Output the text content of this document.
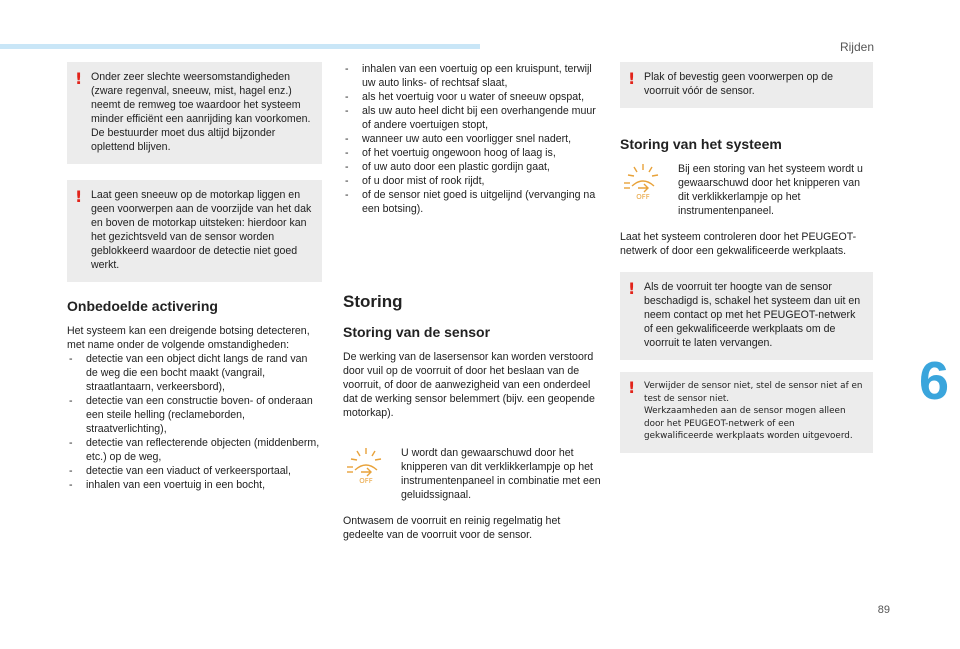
Rijden
6
89
! Onder zeer slechte weersomstandigheden (zware regenval, sneeuw, mist, hagel enz.) neemt de remweg toe waardoor het systeem minder efficiënt een aanrijding kan voorkomen.

De bestuurder moet dus altijd bijzonder oplettend blijven.

! Laat geen sneeuw op de motorkap liggen en geen voorwerpen aan de voorzijde van het dak en boven de motorkap uitsteken: hierdoor kan het gezichtsveld van de sensor worden geblokkeerd waardoor de detectie niet goed werkt.

Onbedoelde activering

Het systeem kan een dreigende botsing detecteren, met name onder de volgende omstandigheden:

- detectie van een object dicht langs de rand van de weg die een bocht maakt (vangrail, straatlantaarn, verkeersbord),
- detectie van een constructie boven- of onderaan een steile helling (reclameborden, straatverlichting),
- detectie van reflecterende objecten (middenberm, etc.) op de weg,
- detectie van een viaduct of verkeersportaal,
- inhalen van een voertuig in een bocht,
- inhalen van een voertuig op een kruispunt, terwijl uw auto links- of rechtsaf slaat,
- als het voertuig voor u water of sneeuw opspat,
- als uw auto heel dicht bij een overhangende muur of andere voertuigen stopt,
- wanneer uw auto een voorligger snel nadert,
- of het voertuig ongewoon hoog of laag is,
- of uw auto door een plastic gordijn gaat,
- of u door mist of rook rijdt,
- of de sensor niet goed is uitgelijnd (vervanging na een botsing).
Storing
Storing van de sensor

De werking van de lasersensor kan worden verstoord door vuil op de voorruit of door het beslaan van de voorruit, of door de aanwezigheid van een onderdeel dat de werking sensor belemmert (bijv. een geopende motorkap).

OFF

U wordt dan gewaarschuwd door het knipperen van dit verklikkerlampje op het instrumentenpaneel in combinatie met een geluidssignaal.

Ontwasem de voorruit en reinig regelmatig het gedeelte van de voorruit voor de sensor.

! Plak of bevestig geen voorwerpen op de voorruit vóór de sensor.

Storing van het systeem
OFF

Bij een storing van het systeem wordt u gewaarschuwd door het knipperen van dit verklikkerlampje op het instrumentenpaneel.

Laat het systeem controleren door het PEUGEOT-netwerk of door een gekwalificeerde werkplaats.

! Als de voorruit ter hoogte van de sensor beschadigd is, schakel het systeem dan uit en neem contact op met het PEUGEOT-netwerk of een gekwalificeerde werkplaats om de voorruit te laten vervangen.

! Verwijder de sensor niet, stel de sensor niet af en test de sensor niet.

Werkzaamheden aan de sensor mogen alleen door het PEUGEOT-netwerk of een gekwalificeerde werkplaats worden uitgevoerd.
